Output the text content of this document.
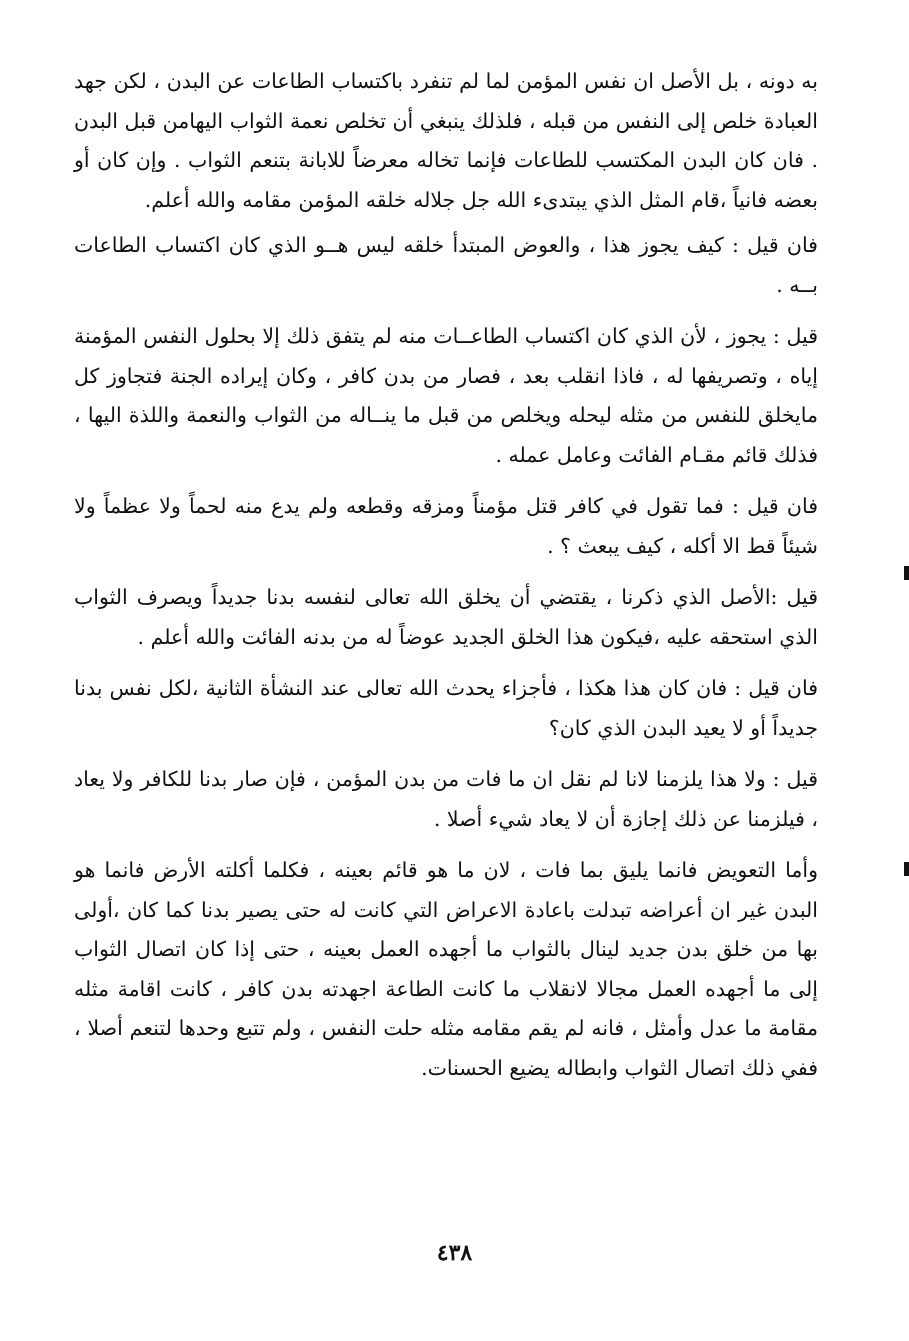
به دونه ، بل الأصل ان نفس المؤمن لما لم تنفرد باكتساب الطاعات عن البدن ، لكن جهد العبادة خلص إلى النفس من قبله ، فلذلك ينبغي أن تخلص نعمة الثواب اليهامن قبل البدن . فان كان البدن المكتسب للطاعات فإنما تخاله معرضاً للابانة بتنعم الثواب . وإن كان أو بعضه فانياً ،قام المثل الذي يبتدىء الله جل جلاله خلقه المؤمن مقامه والله أعلم.

فان قيل : كيف يجوز هذا ، والعوض المبتدأ خلقه ليس هــو الذي كان اكتساب الطاعات بــه .

قيل : يجوز ، لأن الذي كان اكتساب الطاعــات منه لم يتفق ذلك إلا بحلول النفس المؤمنة إياه ، وتصريفها له ، فاذا انقلب بعد ، فصار من بدن كافر ، وكان إيراده الجنة فتجاوز كل مايخلق للنفس من مثله ليحله ويخلص من قبل ما ينــاله من الثواب والنعمة واللذة اليها ، فذلك قائم مقـام الفائت وعامل عمله .

فان قيل : فما تقول في كافر قتل مؤمناً ومزقه وقطعه ولم يدع منه لحماً ولا عظماً ولا شيئاً قط الا أكله ، كيف يبعث ؟ .

قيل :الأصل الذي ذكرنا ، يقتضي أن يخلق الله تعالى لنفسه بدنا جديداً ويصرف الثواب الذي استحقه عليه ،فيكون هذا الخلق الجديد عوضاً له من بدنه الفائت والله أعلم .

فان قيل : فان كان هذا هكذا ، فأجزاء يحدث الله تعالى عند النشأة الثانية ،لكل نفس بدنا جديداً أو لا يعيد البدن الذي كان؟

قيل : ولا هذا يلزمنا لانا لم نقل ان ما فات من بدن المؤمن ، فإن صار بدنا للكافر ولا يعاد ، فيلزمنا عن ذلك إجازة أن لا يعاد شيء أصلا .

وأما التعويض فانما يليق بما فات ، لان ما هو قائم بعينه ، فكلما أكلته الأرض فانما هو البدن غير ان أعراضه تبدلت باعادة الاعراض التي كانت له حتى يصير بدنا كما كان ،أولى بها من خلق بدن جديد لينال بالثواب ما أجهده العمل بعينه ، حتى إذا كان اتصال الثواب إلى ما أجهده العمل مجالا لانقلاب ما كانت الطاعة اجهدته بدن كافر ، كانت اقامة مثله مقامة ما عدل وأمثل ، فانه لم يقم مقامه مثله حلت النفس ، ولم تتبع وحدها لتنعم أصلا ، ففي ذلك اتصال الثواب وابطاله يضيع الحسنات.

٤٣٨
